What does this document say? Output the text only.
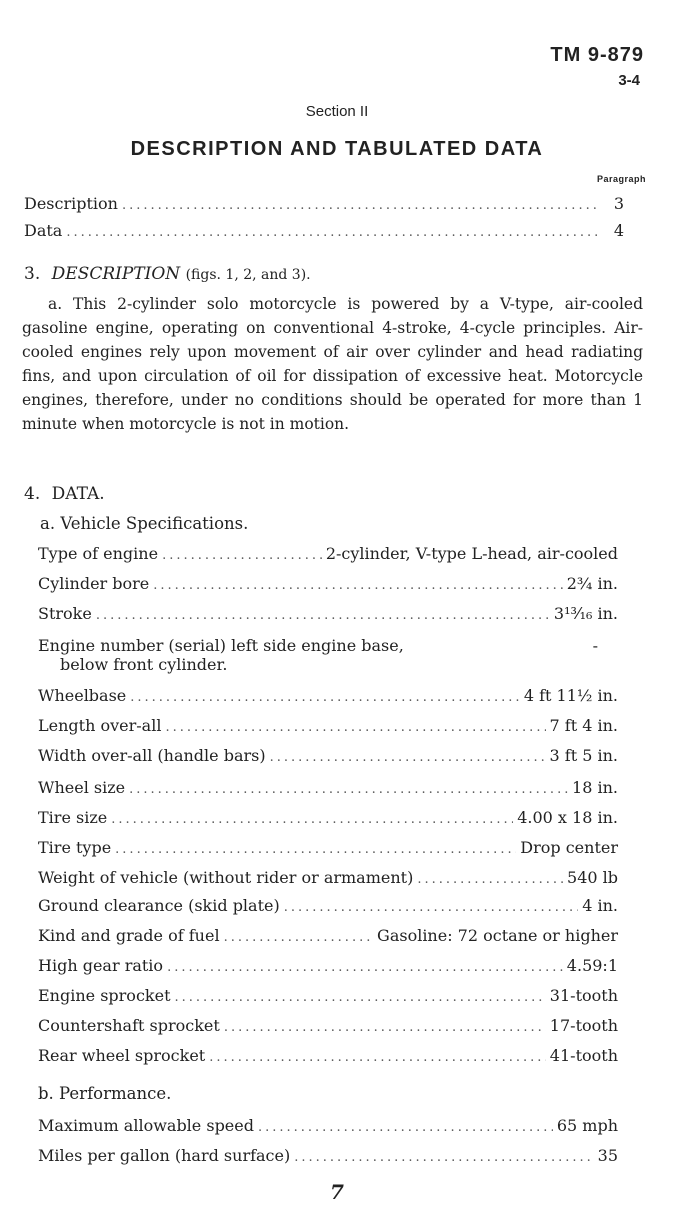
TM 9-879
3-4
Section II
DESCRIPTION AND TABULATED DATA
Paragraph
Description .....	3
Data .....	4
3. DESCRIPTION (figs. 1, 2, and 3).

a. This 2-cylinder solo motorcycle is powered by a V-type, air-cooled gasoline engine, operating on conventional 4-stroke, 4-cycle principles. Air-cooled engines rely upon movement of air over cylinder and head radiating fins, and upon circulation of oil for dissipation of excessive heat. Motorcycle engines, therefore, under no conditions should be operated for more than 1 minute when motorcycle is not in motion.

4. DATA.
a. Vehicle Specifications.
Type of engine .....	2-cylinder, V-type L-head, air-cooled
Cylinder bore .....	2¾ in.
Stroke .....	3¹³⁄₁₆ in.
Engine number (serial) left side engine base,	-
below front cylinder.
Wheelbase .....	4 ft 11½ in.
Length over-all .....	7 ft 4 in.
Width over-all (handle bars) .....	3 ft 5 in.
Wheel size .....	18 in.
Tire size .....	4.00 x 18 in.
Tire type .....	Drop center
Weight of vehicle (without rider or armament) .....	540 lb
Ground clearance (skid plate) .....	4 in.
Kind and grade of fuel .....	Gasoline: 72 octane or higher
High gear ratio .....	4.59:1
Engine sprocket .....	31-tooth
Countershaft sprocket .....	17-tooth
Rear wheel sprocket .....	41-tooth
b. Performance.
Maximum allowable speed .....	65 mph
Miles per gallon (hard surface) .....	35
7
